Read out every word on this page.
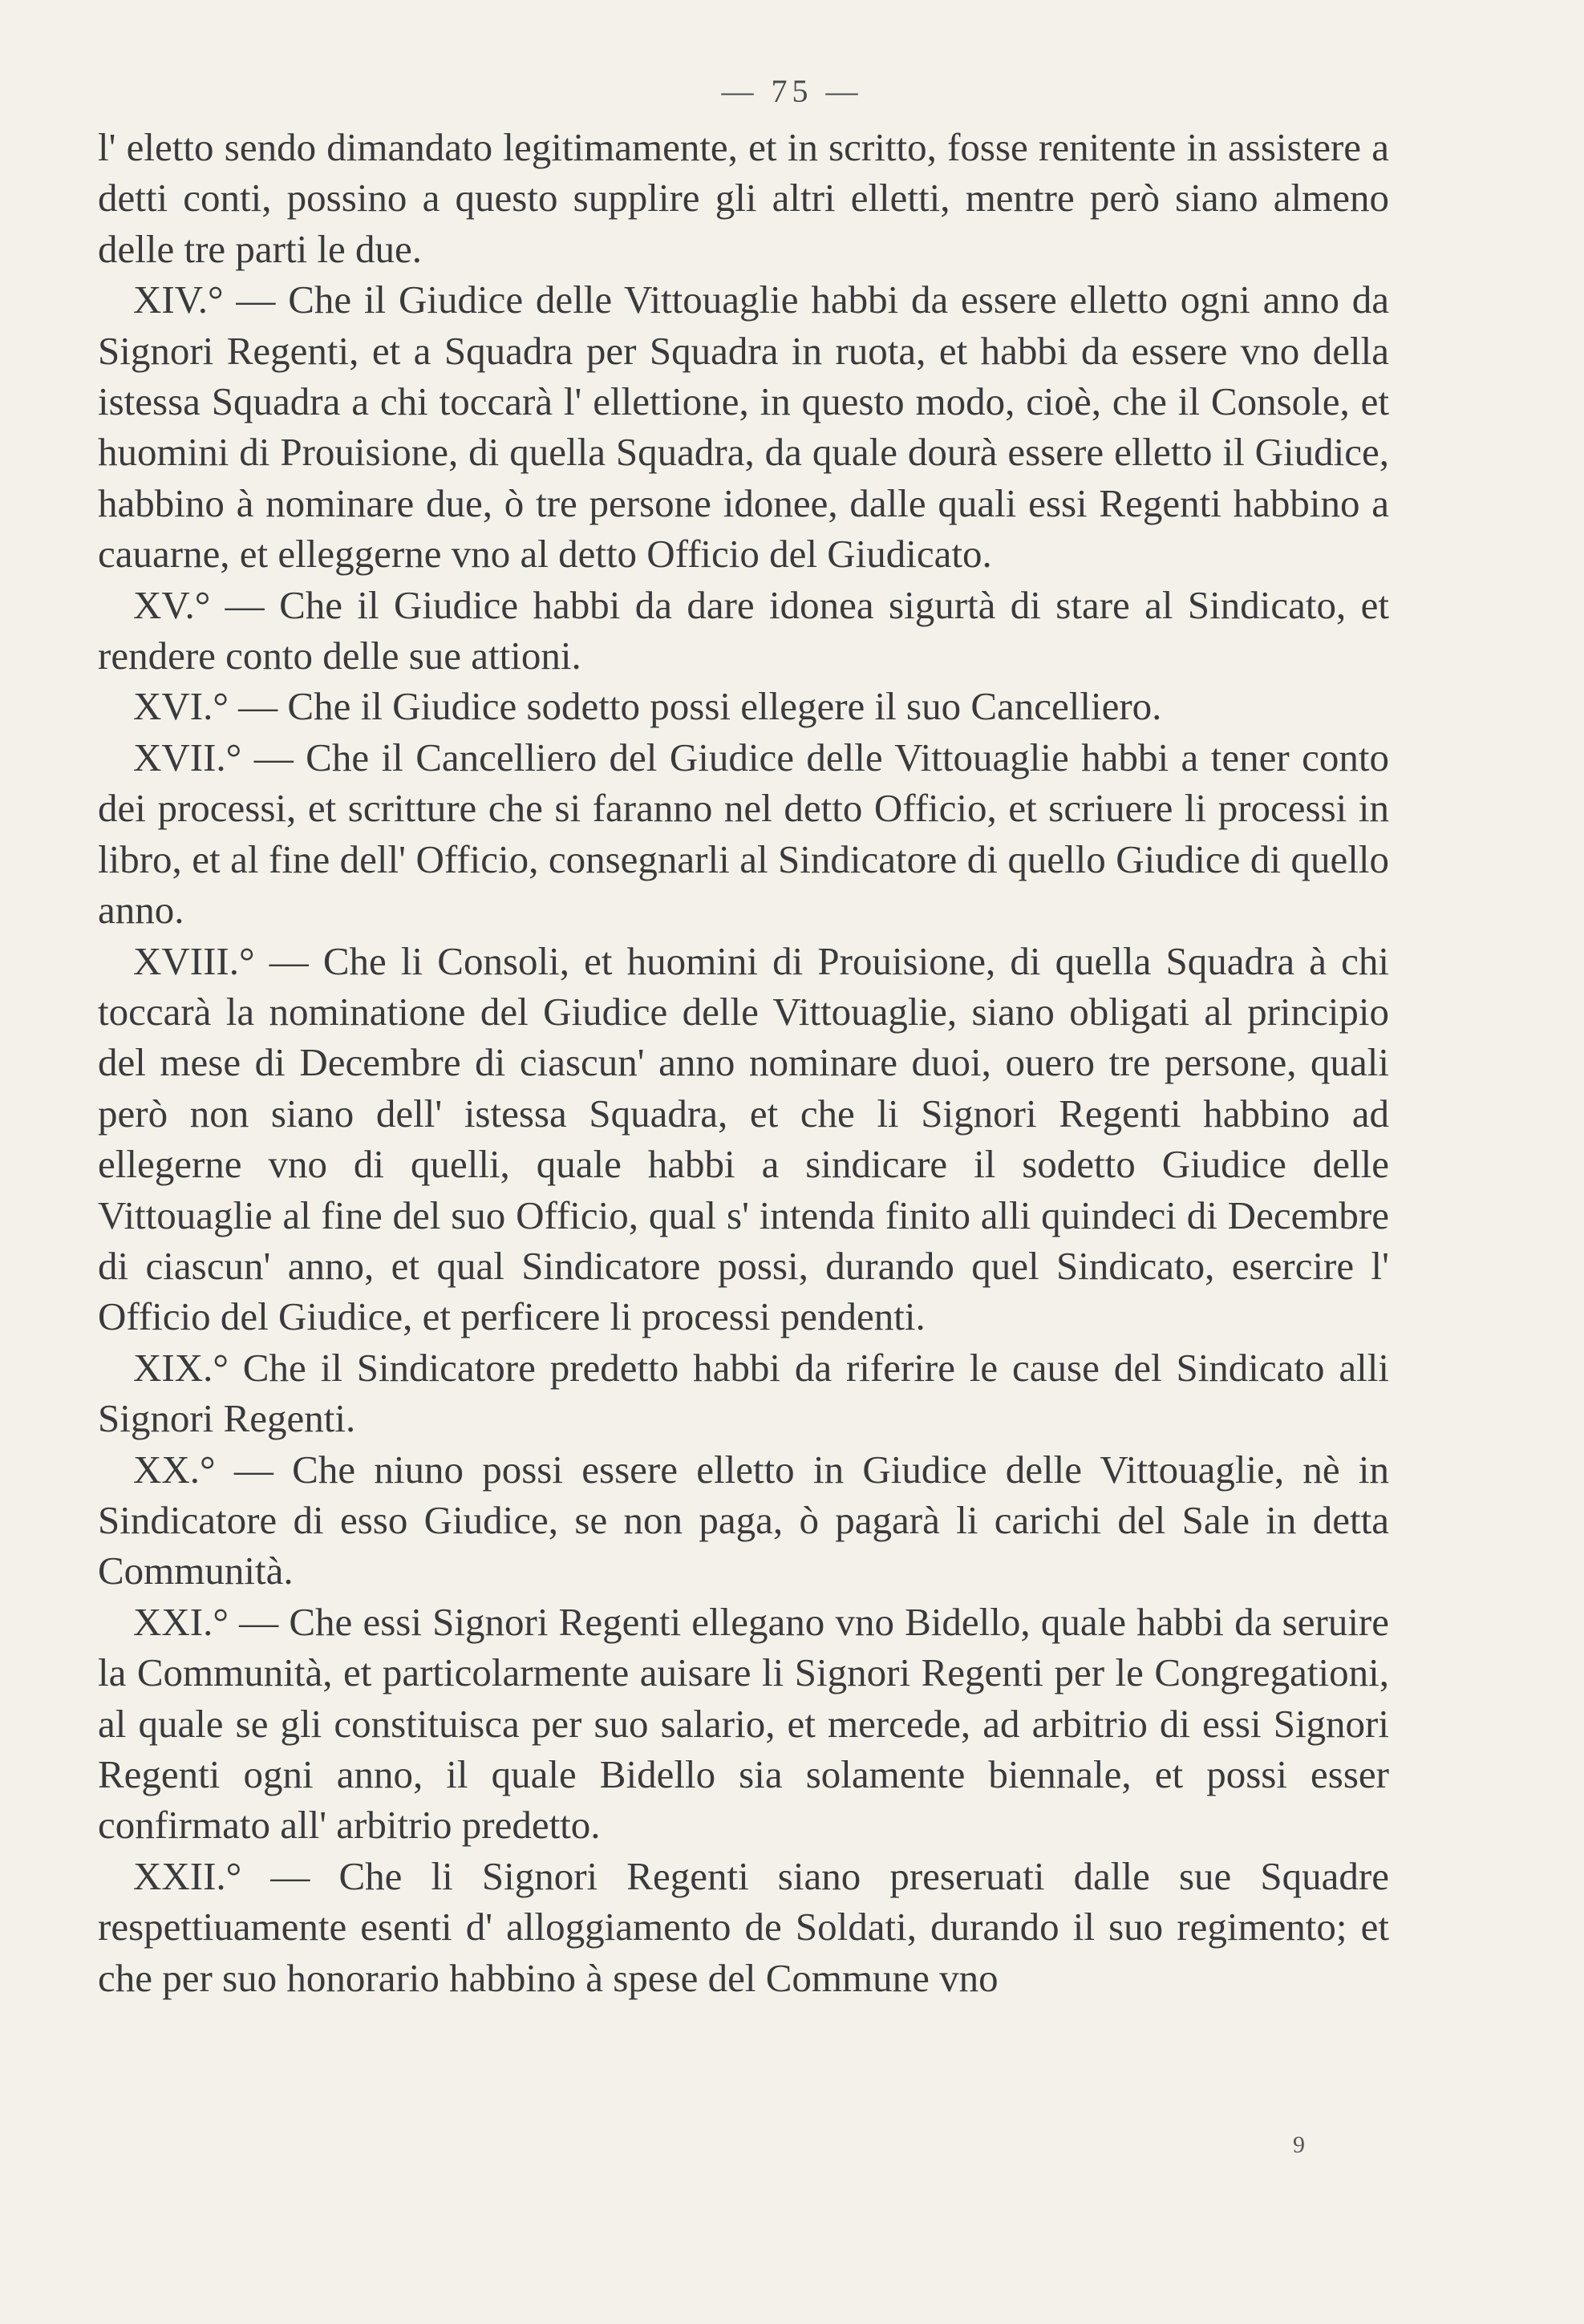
— 75 —

l' eletto sendo dimandato legitimamente, et in scritto, fosse renitente in assistere a detti conti, possino a questo supplire gli altri elletti, mentre però siano almeno delle tre parti le due.

XIV.° — Che il Giudice delle Vittouaglie habbi da essere elletto ogni anno da Signori Regenti, et a Squadra per Squadra in ruota, et habbi da essere vno della istessa Squadra a chi toccarà l' ellettione, in questo modo, cioè, che il Console, et huomini di Prouisione, di quella Squadra, da quale dourà essere elletto il Giudice, habbino à nominare due, ò tre persone idonee, dalle quali essi Regenti habbino a cauarne, et elleggerne vno al detto Officio del Giudicato.

XV.° — Che il Giudice habbi da dare idonea sigurtà di stare al Sindicato, et rendere conto delle sue attioni.

XVI.° — Che il Giudice sodetto possi ellegere il suo Cancelliero.

XVII.° — Che il Cancelliero del Giudice delle Vittouaglie habbi a tener conto dei processi, et scritture che si faranno nel detto Officio, et scriuere li processi in libro, et al fine dell' Officio, consegnarli al Sindicatore di quello Giudice di quello anno.

XVIII.° — Che li Consoli, et huomini di Prouisione, di quella Squadra à chi toccarà la nominatione del Giudice delle Vittouaglie, siano obligati al principio del mese di Decembre di ciascun' anno nominare duoi, ouero tre persone, quali però non siano dell' istessa Squadra, et che li Signori Regenti habbino ad ellegerne vno di quelli, quale habbi a sindicare il sodetto Giudice delle Vittouaglie al fine del suo Officio, qual s' intenda finito alli quindeci di Decembre di ciascun' anno, et qual Sindicatore possi, durando quel Sindicato, esercire l' Officio del Giudice, et perficere li processi pendenti.

XIX.° Che il Sindicatore predetto habbi da riferire le cause del Sindicato alli Signori Regenti.

XX.° — Che niuno possi essere elletto in Giudice delle Vittouaglie, nè in Sindicatore di esso Giudice, se non paga, ò pagarà li carichi del Sale in detta Communità.

XXI.° — Che essi Signori Regenti ellegano vno Bidello, quale habbi da seruire la Communità, et particolarmente auisare li Signori Regenti per le Congregationi, al quale se gli constituisca per suo salario, et mercede, ad arbitrio di essi Signori Regenti ogni anno, il quale Bidello sia solamente biennale, et possi esser confirmato all' arbitrio predetto.

XXII.° — Che li Signori Regenti siano preseruati dalle sue Squadre respettiuamente esenti d' alloggiamento de Soldati, durando il suo regimento; et che per suo honorario habbino à spese del Commune vno

9
